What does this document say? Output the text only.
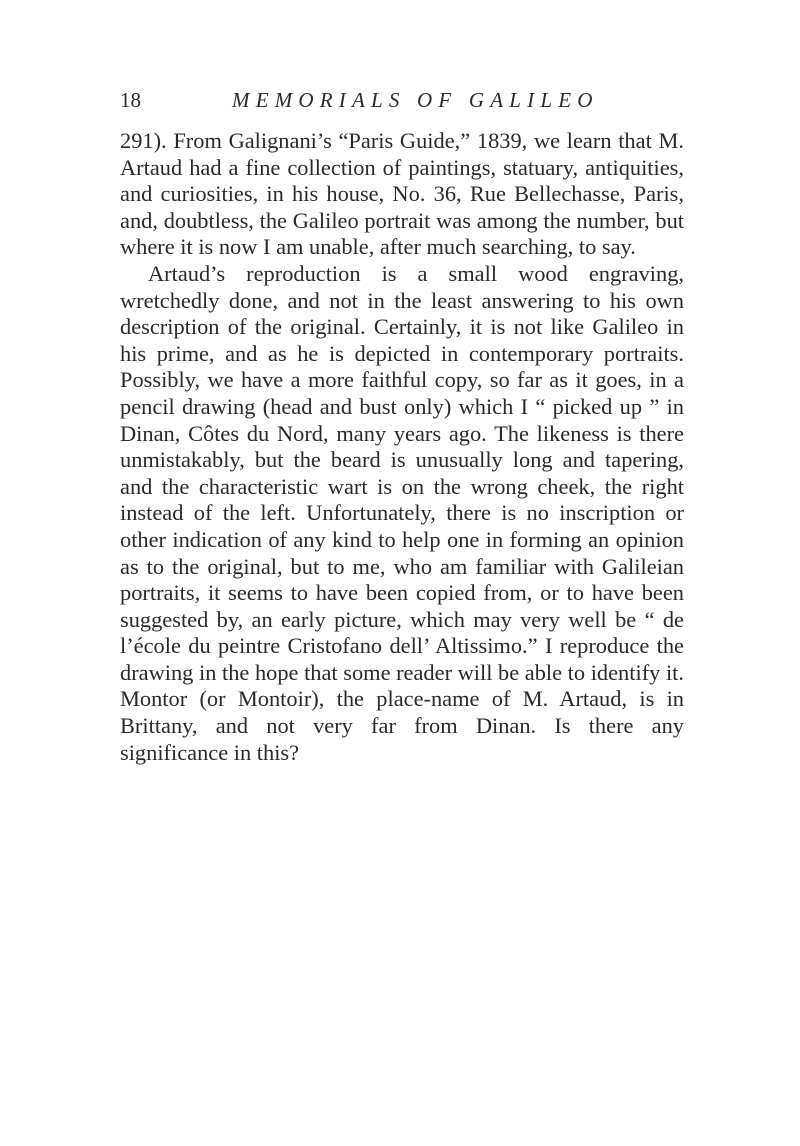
18	MEMORIALS OF GALILEO

291). From Galignani’s “Paris Guide,” 1839, we learn that M. Artaud had a fine collection of paintings, statuary, antiquities, and curiosities, in his house, No. 36, Rue Bellechasse, Paris, and, doubtless, the Galileo portrait was among the number, but where it is now I am unable, after much searching, to say.

Artaud’s reproduction is a small wood engraving, wretchedly done, and not in the least answering to his own description of the original. Certainly, it is not like Galileo in his prime, and as he is depicted in contemporary portraits. Possibly, we have a more faithful copy, so far as it goes, in a pencil drawing (head and bust only) which I “ picked up ” in Dinan, Côtes du Nord, many years ago. The likeness is there unmistakably, but the beard is unusually long and tapering, and the characteristic wart is on the wrong cheek, the right instead of the left. Unfortunately, there is no inscription or other indication of any kind to help one in forming an opinion as to the original, but to me, who am familiar with Galileian portraits, it seems to have been copied from, or to have been suggested by, an early picture, which may very well be “ de l’école du peintre Cristofano dell’ Altissimo.” I reproduce the drawing in the hope that some reader will be able to identify it. Montor (or Montoir), the place-name of M. Artaud, is in Brittany, and not very far from Dinan. Is there any significance in this?
